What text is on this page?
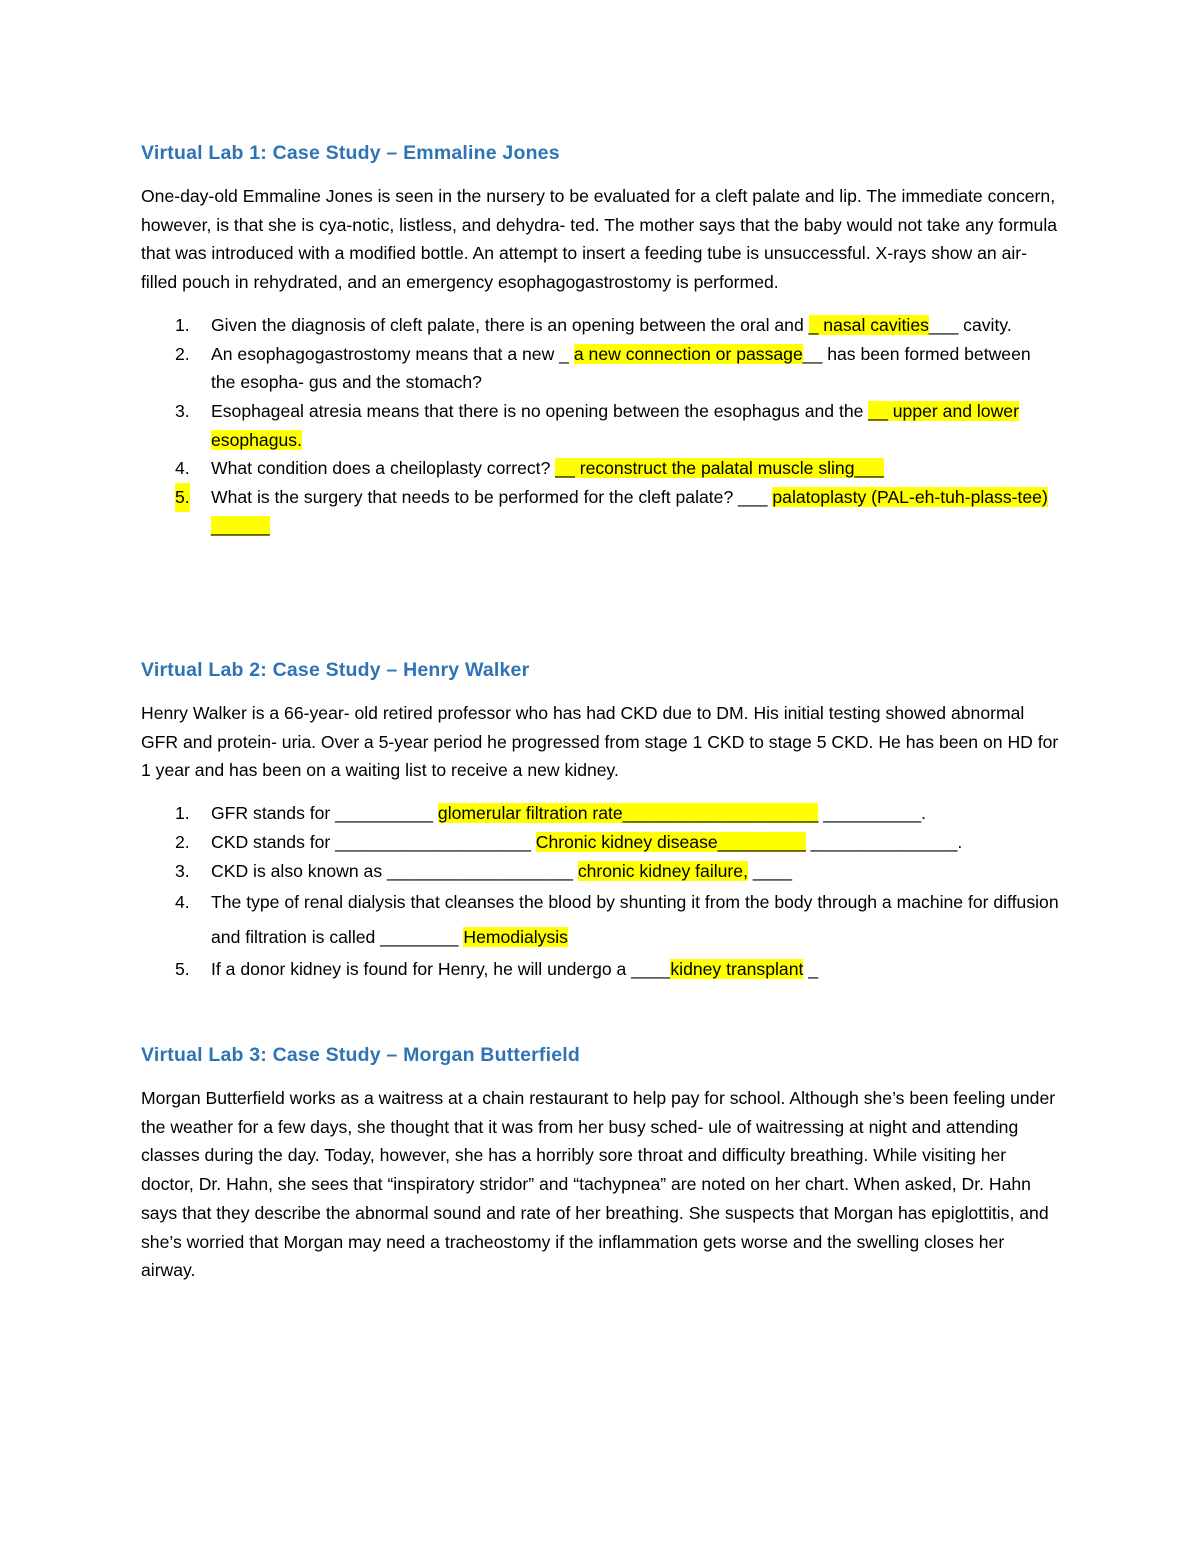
Virtual Lab 1: Case Study – Emmaline Jones

One-day-old Emmaline Jones is seen in the nursery to be evaluated for a cleft palate and lip. The immediate concern, however, is that she is cya-notic, listless, and dehydra- ted. The mother says that the baby would not take any formula that was introduced with a modified bottle. An attempt to insert a feeding tube is unsuccessful. X-rays show an air-filled pouch in rehydrated, and an emergency esophagogastrostomy is performed.

1. Given the diagnosis of cleft palate, there is an opening between the oral and _ nasal cavities___ cavity.
2. An esophagogastrostomy means that a new _ a new connection or passage__ has been formed between the esopha- gus and the stomach?
3. Esophageal atresia means that there is no opening between the esophagus and the __ upper and lower esophagus.
4. What condition does a cheiloplasty correct? __ reconstruct the palatal muscle sling___
5. What is the surgery that needs to be performed for the cleft palate? ___ palatoplasty (PAL-eh-tuh-plass-tee) ______
Virtual Lab 2: Case Study – Henry Walker

Henry Walker is a 66-year- old retired professor who has had CKD due to DM. His initial testing showed abnormal GFR and protein- uria. Over a 5-year period he progressed from stage 1 CKD to stage 5 CKD. He has been on HD for 1 year and has been on a waiting list to receive a new kidney.

1. GFR stands for __________ glomerular filtration rate____________________ __________.
2. CKD stands for ____________________ Chronic kidney disease_________ _______________.
3. CKD is also known as ___________________ chronic kidney failure, ____
4. The type of renal dialysis that cleanses the blood by shunting it from the body through a machine for diffusion and filtration is called ________ Hemodialysis
5. If a donor kidney is found for Henry, he will undergo a ____kidney transplant _
Virtual Lab 3: Case Study – Morgan Butterfield

Morgan Butterfield works as a waitress at a chain restaurant to help pay for school. Although she’s been feeling under the weather for a few days, she thought that it was from her busy sched- ule of waitressing at night and attending classes during the day. Today, however, she has a horribly sore throat and difficulty breathing. While visiting her doctor, Dr. Hahn, she sees that “inspiratory stridor” and “tachypnea” are noted on her chart. When asked, Dr. Hahn says that they describe the abnormal sound and rate of her breathing. She suspects that Morgan has epiglottitis, and she’s worried that Morgan may need a tracheostomy if the inflammation gets worse and the swelling closes her airway.
